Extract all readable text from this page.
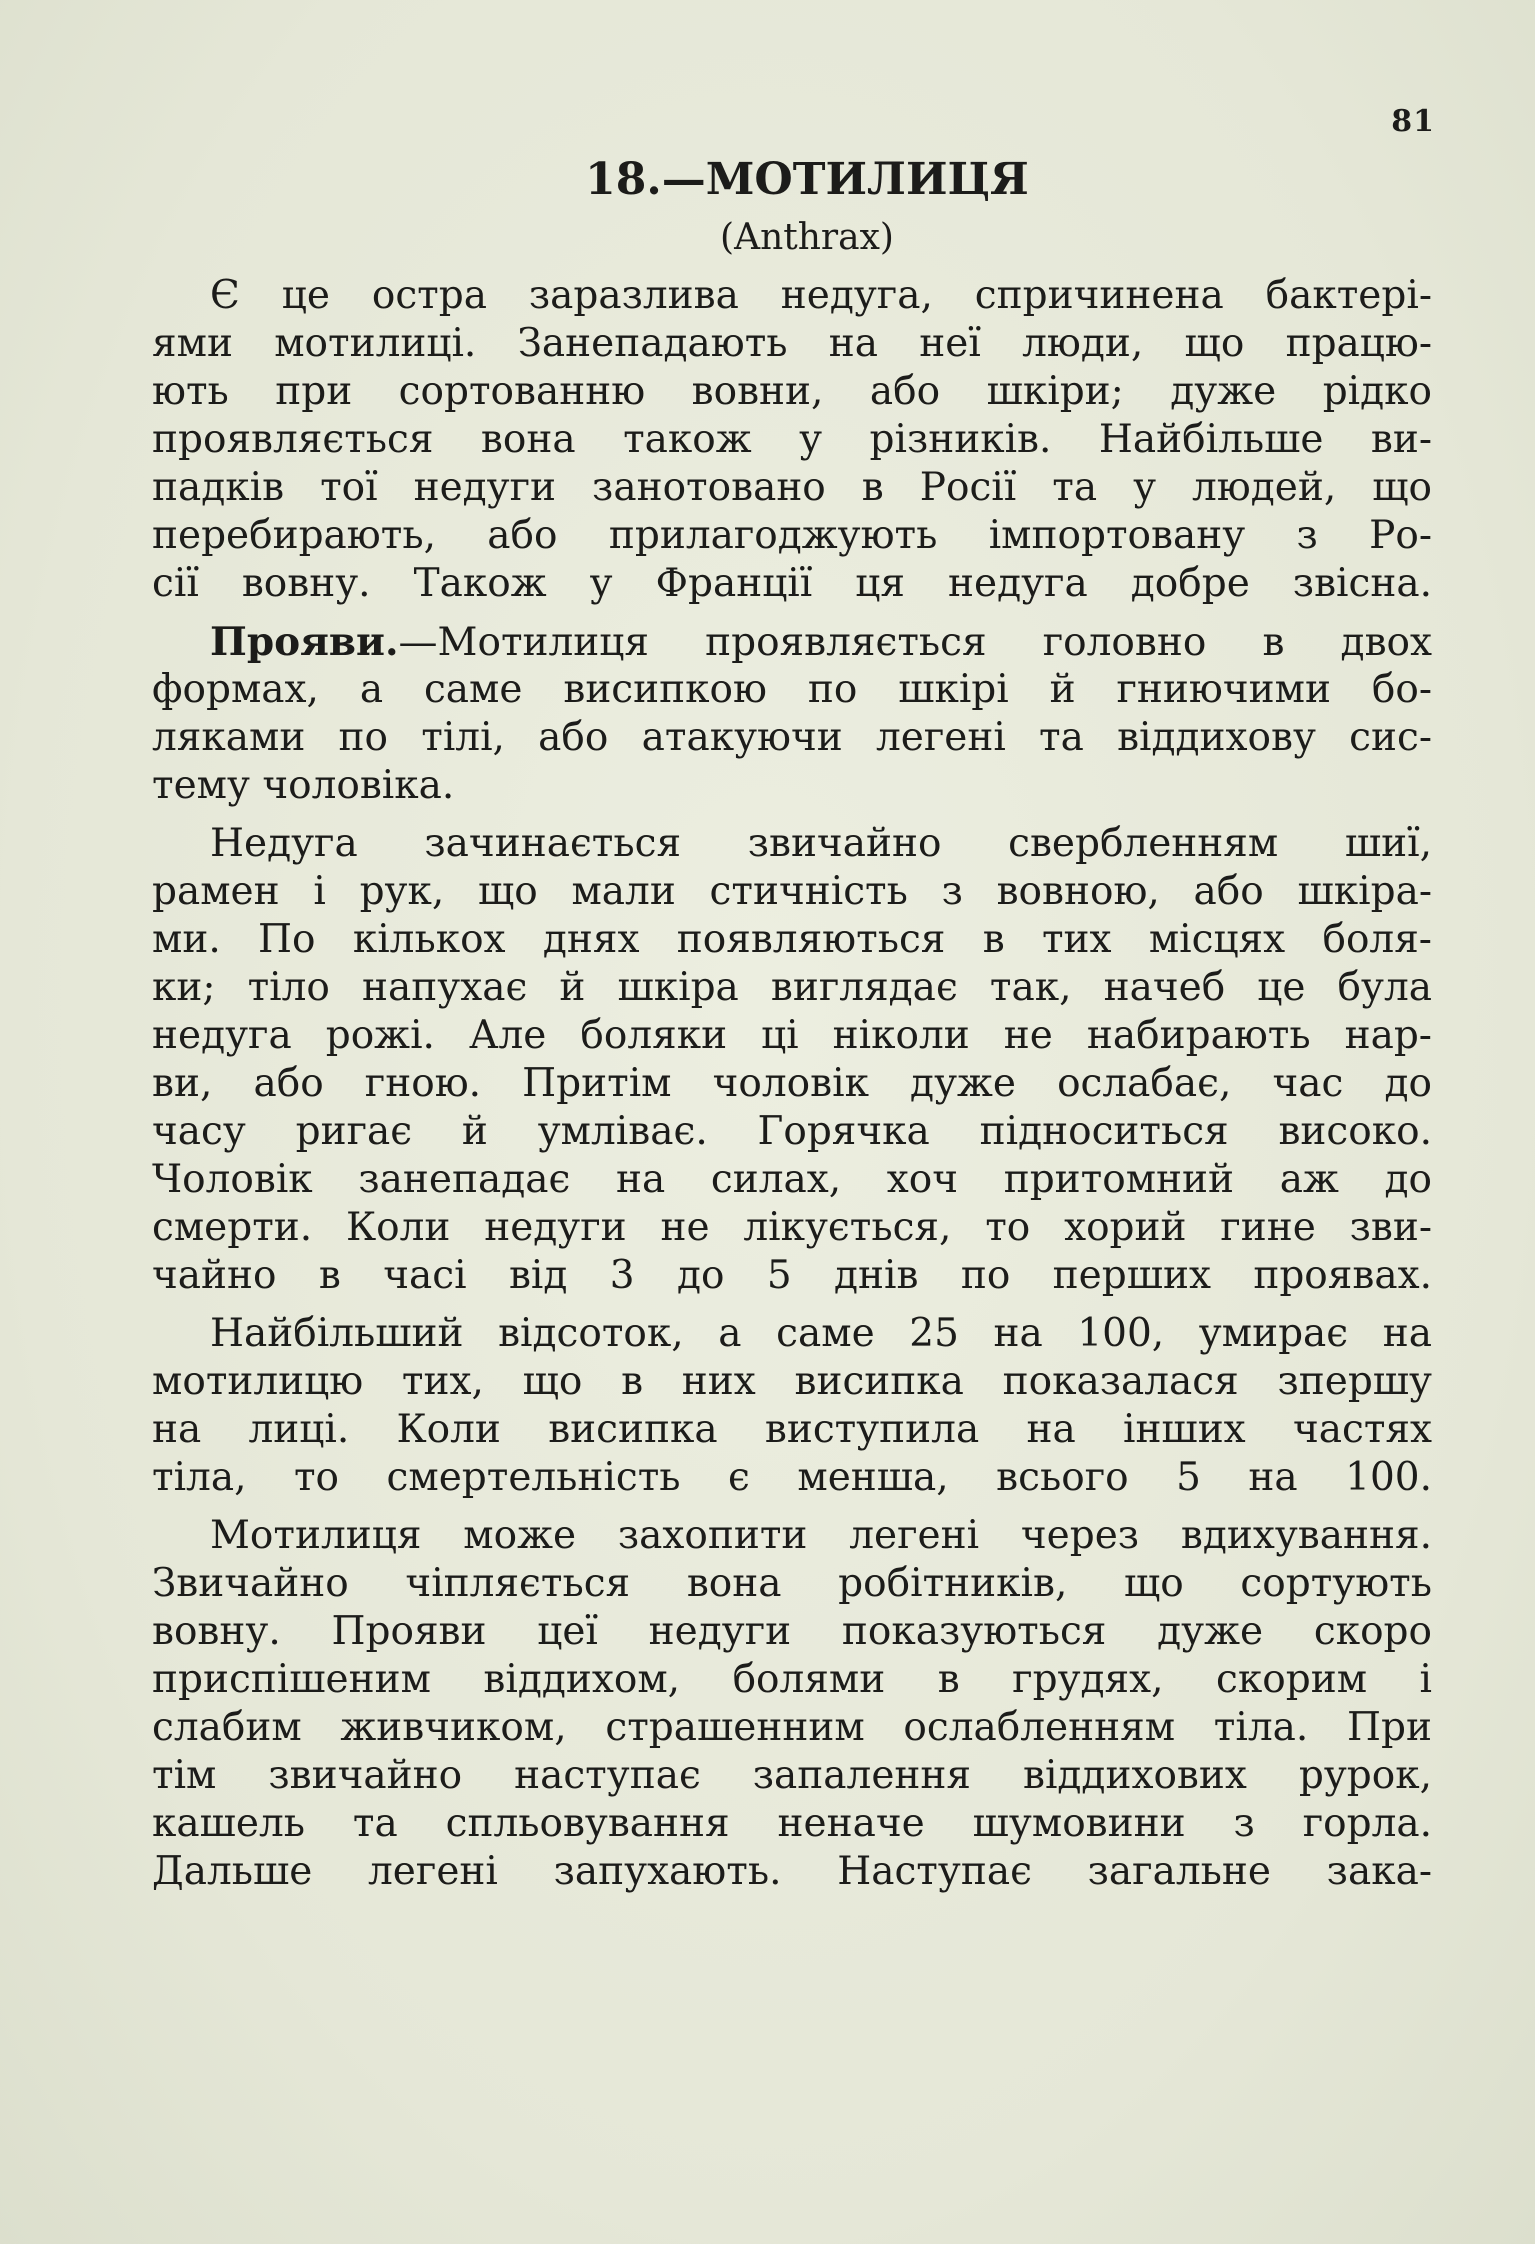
81
18.—МОТИЛИЦЯ
(Anthrax)
Є це остра заразлива недуга, спричинена бактері-
ями мотилиці. Занепадають на неї люди, що працю-
ють при сортованню вовни, або шкіри; дуже рідко
проявляється вона також у різників. Найбільше ви-
падків тої недуги занотовано в Росії та у людей, що
перебирають, або прилагоджують імпортовану з Ро-
сії вовну. Також у Франції ця недуга добре звісна.
Прояви.—Мотилиця проявляється головно в двох
формах, а саме висипкою по шкірі й гниючими бо-
ляками по тілі, або атакуючи легені та віддихову сис-
тему чоловіка.
Недуга зачинається звичайно свербленням шиї,
рамен і рук, що мали стичність з вовною, або шкіра-
ми. По кількох днях появляються в тих місцях боля-
ки; тіло напухає й шкіра виглядає так, начеб це була
недуга рожі. Але боляки ці ніколи не набирають нар-
ви, або гною. Притім чоловік дуже ослабає, час до
часу ригає й умліває. Горячка підноситься високо.
Чоловік занепадає на силах, хоч притомний аж до
смерти. Коли недуги не лікується, то хорий гине зви-
чайно в часі від 3 до 5 днів по перших проявах.
Найбільший відсоток, а саме 25 на 100, умирає на
мотилицю тих, що в них висипка показалася зпершу
на лиці. Коли висипка виступила на інших частях
тіла, то смертельність є менша, всього 5 на 100.
Мотилиця може захопити легені через вдихування.
Звичайно чіпляється вона робітників, що сортують
вовну. Прояви цеї недуги показуються дуже скоро
приспішеним віддихом, болями в грудях, скорим і
слабим живчиком, страшенним ослабленням тіла. При
тім звичайно наступає запалення віддихових рурок,
кашель та спльовування неначе шумовини з горла.
Дальше легені запухають. Наступає загальне зака-
